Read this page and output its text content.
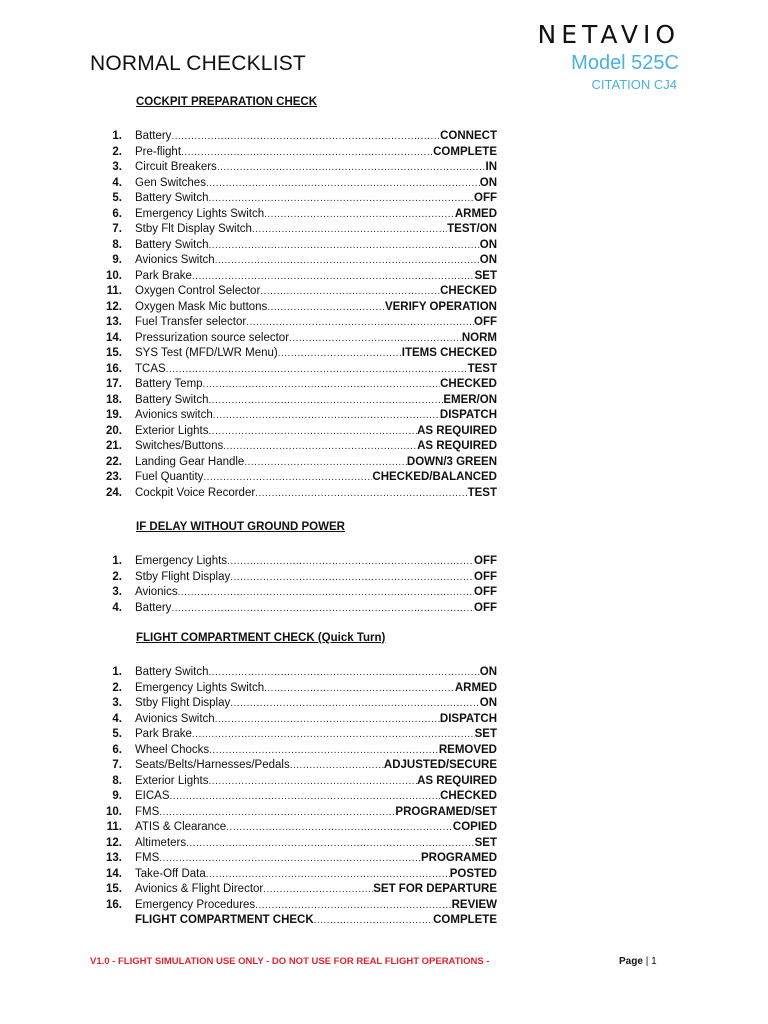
NETAVIO
Model 525C
CITATION CJ4
NORMAL CHECKLIST
COCKPIT PREPARATION CHECK
1. Battery .....	CONNECT
2. Pre-flight .....	COMPLETE
3. Circuit Breakers .....	IN
4. Gen Switches .....	ON
5. Battery Switch .....	OFF
6. Emergency Lights Switch .....	ARMED
7. Stby Flt Display Switch .....	TEST/ON
8. Battery Switch .....	ON
9. Avionics Switch .....	ON
10. Park Brake .....	SET
11. Oxygen Control Selector .....	CHECKED
12. Oxygen Mask Mic buttons .....	VERIFY OPERATION
13. Fuel Transfer selector .....	OFF
14. Pressurization source selector .....	NORM
15. SYS Test (MFD/LWR Menu) .....	ITEMS CHECKED
16. TCAS .....	TEST
17. Battery Temp .....	CHECKED
18. Battery Switch .....	EMER/ON
19. Avionics switch .....	DISPATCH
20. Exterior Lights .....	AS REQUIRED
21. Switches/Buttons .....	AS REQUIRED
22. Landing Gear Handle .....	DOWN/3 GREEN
23. Fuel Quantity .....	CHECKED/BALANCED
24. Cockpit Voice Recorder .....	TEST
IF DELAY WITHOUT GROUND POWER
1. Emergency Lights .....	OFF
2. Stby Flight Display .....	OFF
3. Avionics .....	OFF
4. Battery .....	OFF
FLIGHT COMPARTMENT CHECK (Quick Turn)
1. Battery Switch .....	ON
2. Emergency Lights Switch .....	ARMED
3. Stby Flight Display .....	ON
4. Avionics Switch .....	DISPATCH
5. Park Brake .....	SET
6. Wheel Chocks .....	REMOVED
7. Seats/Belts/Harnesses/Pedals .....	ADJUSTED/SECURE
8. Exterior Lights .....	AS REQUIRED
9. EICAS .....	CHECKED
10. FMS .....	PROGRAMED/SET
11. ATIS & Clearance .....	COPIED
12. Altimeters .....	SET
13. FMS .....	PROGRAMED
14. Take-Off Data .....	POSTED
15. Avionics & Flight Director .....	SET FOR DEPARTURE
16. Emergency Procedures .....	REVIEW
FLIGHT COMPARTMENT CHECK .....	COMPLETE
V1.0 - FLIGHT SIMULATION USE ONLY - DO NOT USE FOR REAL FLIGHT OPERATIONS -	Page | 1
